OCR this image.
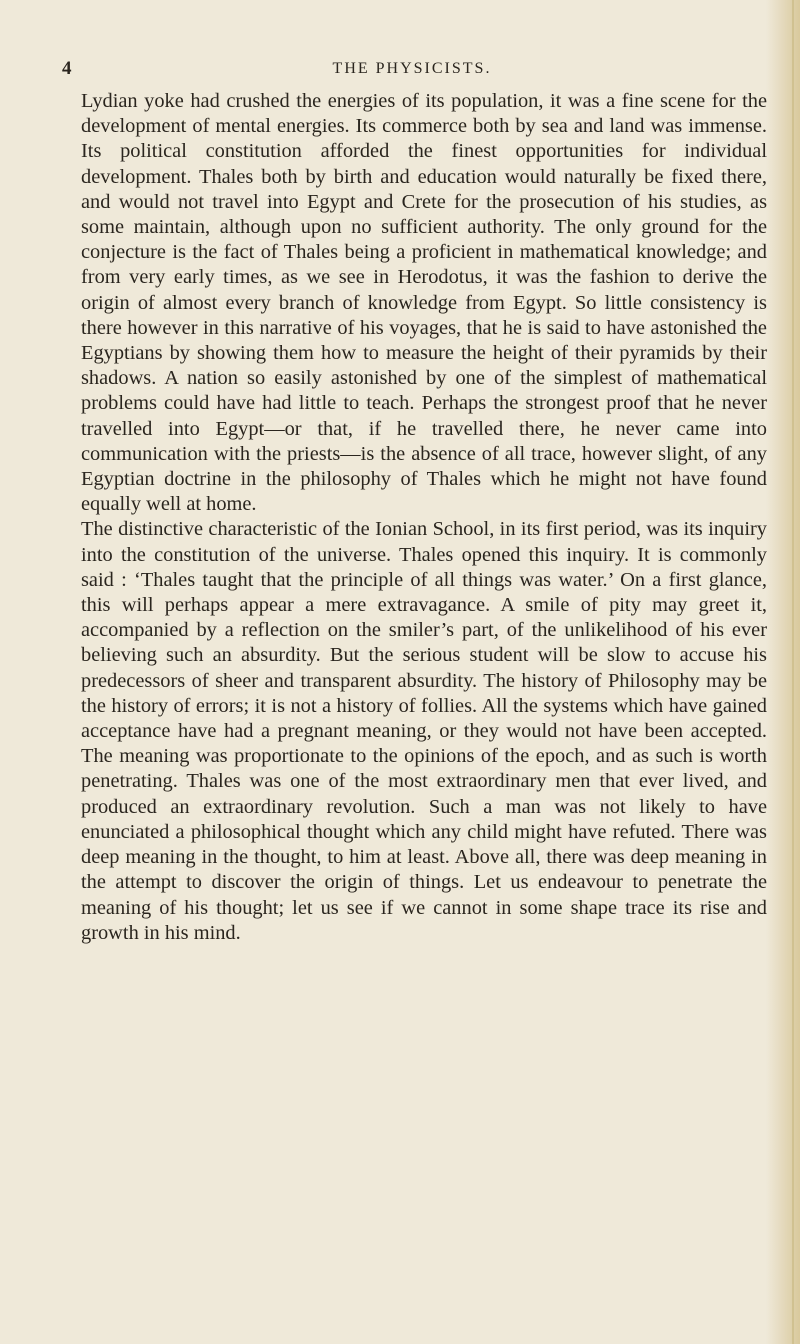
4	THE PHYSICISTS.

Lydian yoke had crushed the energies of its population, it was a fine scene for the development of mental energies. Its commerce both by sea and land was immense. Its political constitution afforded the finest opportunities for individual development. Thales both by birth and education would naturally be fixed there, and would not travel into Egypt and Crete for the prosecution of his studies, as some maintain, although upon no sufficient authority. The only ground for the conjecture is the fact of Thales being a proficient in mathematical knowledge; and from very early times, as we see in Herodotus, it was the fashion to derive the origin of almost every branch of knowledge from Egypt. So little consistency is there however in this narrative of his voyages, that he is said to have astonished the Egyptians by showing them how to measure the height of their pyramids by their shadows. A nation so easily astonished by one of the simplest of mathematical problems could have had little to teach. Perhaps the strongest proof that he never travelled into Egypt—or that, if he travelled there, he never came into communication with the priests—is the absence of all trace, however slight, of any Egyptian doctrine in the philosophy of Thales which he might not have found equally well at home.

The distinctive characteristic of the Ionian School, in its first period, was its inquiry into the constitution of the universe. Thales opened this inquiry. It is commonly said : ‘Thales taught that the principle of all things was water.’ On a first glance, this will perhaps appear a mere extravagance. A smile of pity may greet it, accompanied by a reflection on the smiler’s part, of the unlikelihood of his ever believing such an absurdity. But the serious student will be slow to accuse his predecessors of sheer and transparent absurdity. The history of Philosophy may be the history of errors; it is not a history of follies. All the systems which have gained acceptance have had a pregnant meaning, or they would not have been accepted. The meaning was proportionate to the opinions of the epoch, and as such is worth penetrating. Thales was one of the most extraordinary men that ever lived, and produced an extraordinary revolution. Such a man was not likely to have enunciated a philosophical thought which any child might have refuted. There was deep meaning in the thought, to him at least. Above all, there was deep meaning in the attempt to discover the origin of things. Let us endeavour to penetrate the meaning of his thought; let us see if we cannot in some shape trace its rise and growth in his mind.
